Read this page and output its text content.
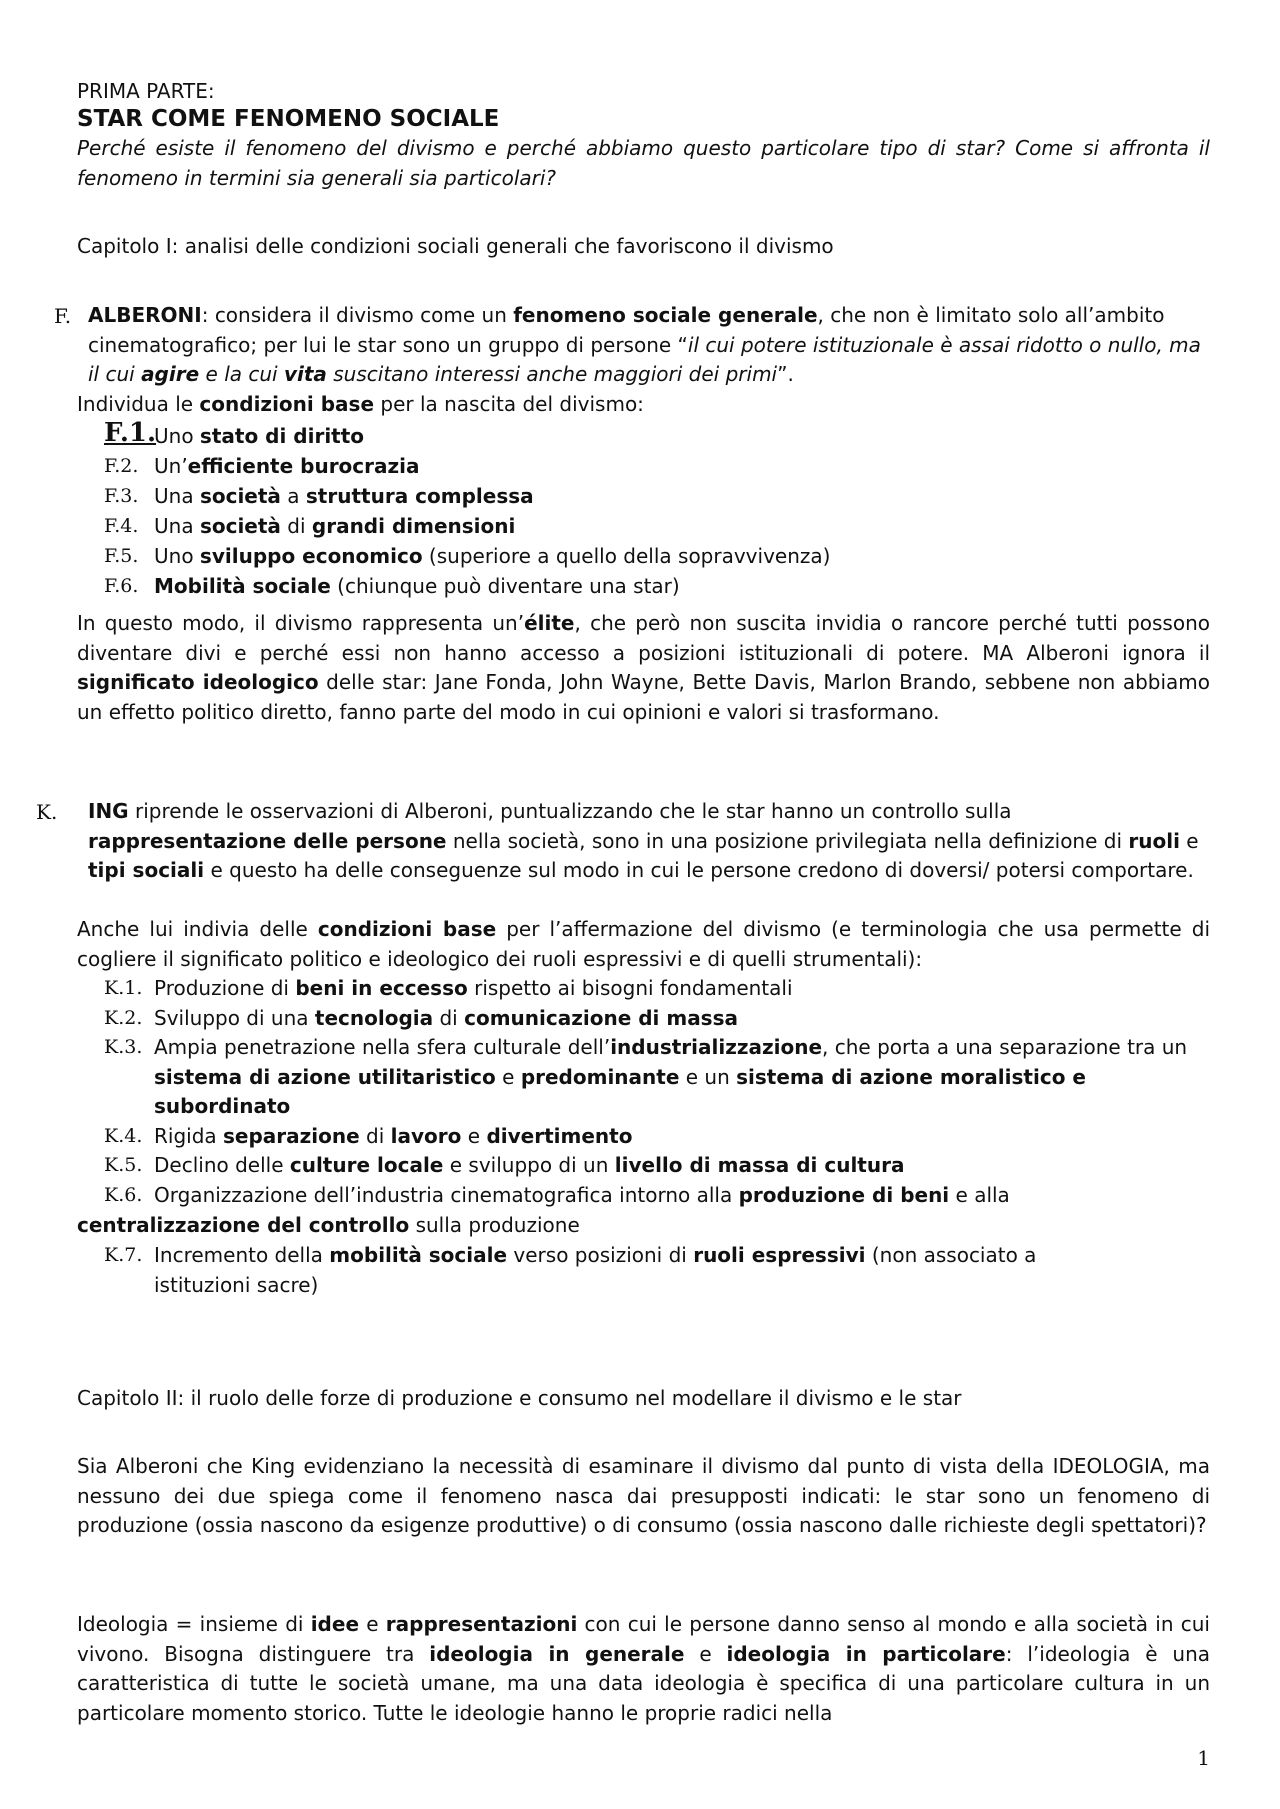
PRIMA PARTE:
STAR COME FENOMENO SOCIALE
Perché esiste il fenomeno del divismo e perché abbiamo questo particolare tipo di star? Come si affronta il fenomeno in termini sia generali sia particolari?
Capitolo I: analisi delle condizioni sociali generali che favoriscono il divismo
F. ALBERONI: considera il divismo come un fenomeno sociale generale, che non è limitato solo all’ambito cinematografico; per lui le star sono un gruppo di persone “il cui potere istituzionale è assai ridotto o nullo, ma il cui agire e la cui vita suscitano interessi anche maggiori dei primi”.
Individua le condizioni base per la nascita del divismo:
F.1.
Uno stato di diritto
F.2. Un’efficiente burocrazia
F.3. Una società a struttura complessa
F.4. Una società di grandi dimensioni
F.5. Uno sviluppo economico (superiore a quello della sopravvivenza)
F.6. Mobilità sociale (chiunque può diventare una star)
In questo modo, il divismo rappresenta un’élite, che però non suscita invidia o rancore perché tutti possono diventare divi e perché essi non hanno accesso a posizioni istituzionali di potere. MA Alberoni ignora il significato ideologico delle star: Jane Fonda, John Wayne, Bette Davis, Marlon Brando, sebbene non abbiamo un effetto politico diretto, fanno parte del modo in cui opinioni e valori si trasformano.
K. ING riprende le osservazioni di Alberoni, puntualizzando che le star hanno un controllo sulla rappresentazione delle persone nella società, sono in una posizione privilegiata nella definizione di ruoli e tipi sociali e questo ha delle conseguenze sul modo in cui le persone credono di doversi/ potersi comportare.
Anche lui indivia delle condizioni base per l’affermazione del divismo (e terminologia che usa permette di cogliere il significato politico e ideologico dei ruoli espressivi e di quelli strumentali):
K.1. Produzione di beni in eccesso rispetto ai bisogni fondamentali
K.2. Sviluppo di una tecnologia di comunicazione di massa
K.3. Ampia penetrazione nella sfera culturale dell’industrializzazione, che porta a una separazione tra un sistema di azione utilitaristico e predominante e un sistema di azione moralistico e subordinato
K.4. Rigida separazione di lavoro e divertimento
K.5. Declino delle culture locale e sviluppo di un livello di massa di cultura
K.6. Organizzazione dell’industria cinematografica intorno alla produzione di beni e alla
centralizzazione del controllo sulla produzione
K.7. Incremento della mobilità sociale verso posizioni di ruoli espressivi (non associato a istituzioni sacre)
Capitolo II: il ruolo delle forze di produzione e consumo nel modellare il divismo e le star
Sia Alberoni che King evidenziano la necessità di esaminare il divismo dal punto di vista della IDEOLOGIA, ma nessuno dei due spiega come il fenomeno nasca dai presupposti indicati: le star sono un fenomeno di produzione (ossia nascono da esigenze produttive) o di consumo (ossia nascono dalle richieste degli spettatori)?
Ideologia = insieme di idee e rappresentazioni con cui le persone danno senso al mondo e alla società in cui vivono. Bisogna distinguere tra ideologia in generale e ideologia in particolare: l’ideologia è una caratteristica di tutte le società umane, ma una data ideologia è specifica di una particolare cultura in un particolare momento storico. Tutte le ideologie hanno le proprie radici nella
1
